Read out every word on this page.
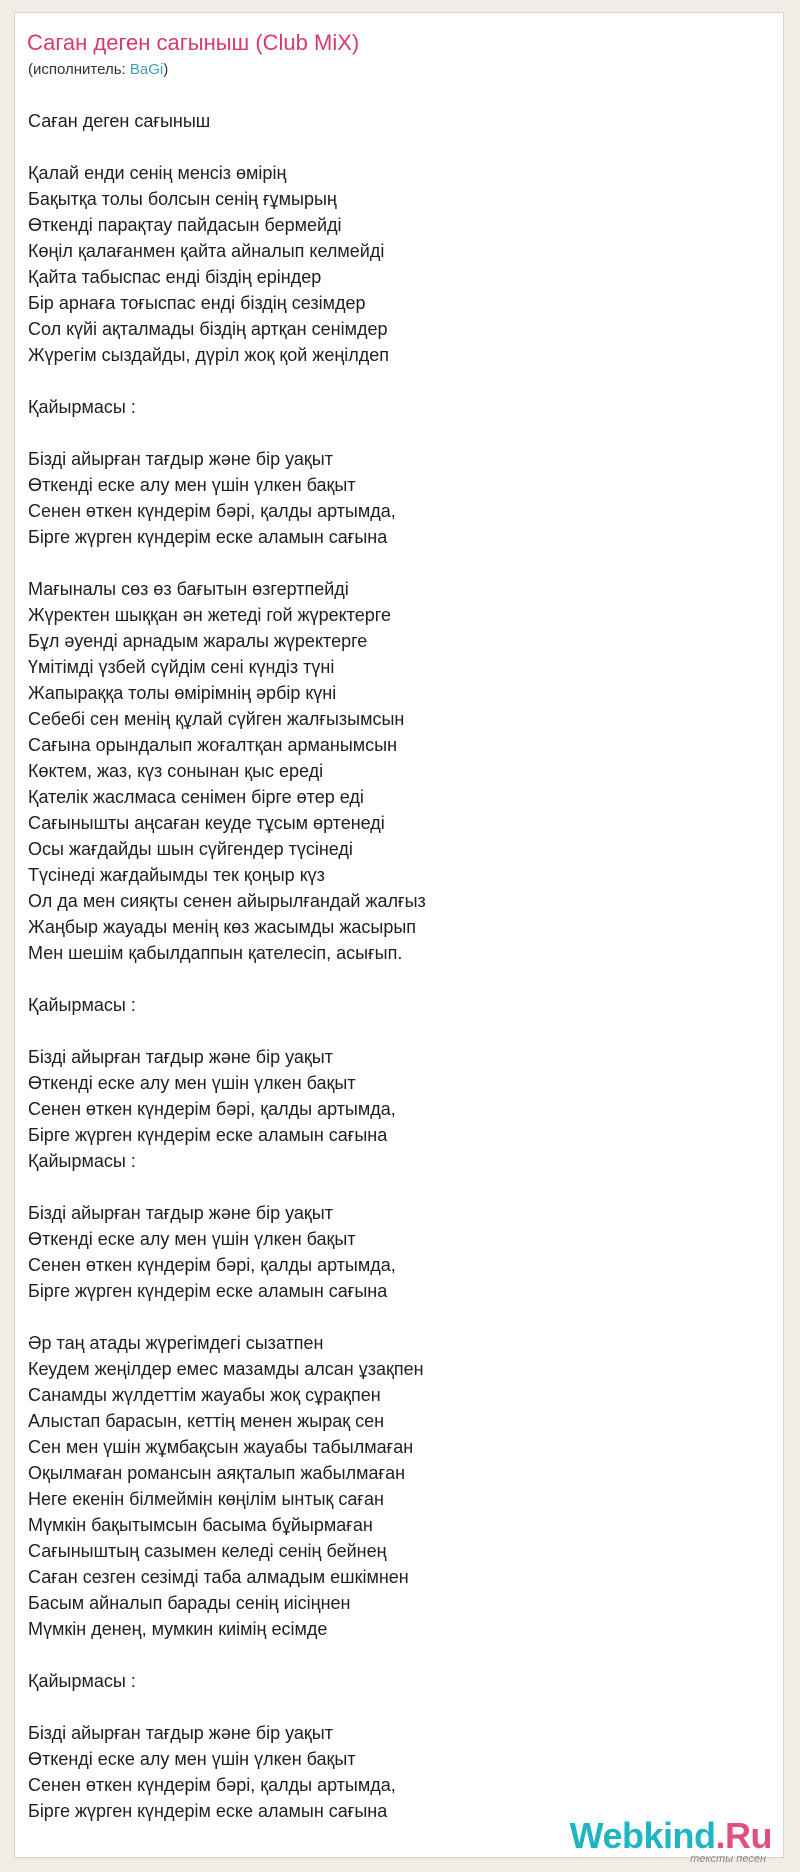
Саган деген сагыныш (Club MiX)
(исполнитель: BaGi)
Саған деген сағыныш
Қалай енди сенің менсіз өмірің
Бақытқа толы болсын сенің ғұмырың
Өткенді парақтау пайдасын бермейді
Көңіл қалағанмен қайта айналып келмейді
Қайта табыспас енді біздің еріндер
Бір арнаға тоғыспас енді біздің сезімдер
Сол күйі ақталмады біздің артқан сенімдер
Жүрегім сыздайды, дүріл жоқ қой жеңілдеп
Қайырмасы :
Бізді айырған тағдыр және бір уақыт
Өткенді еске алу мен үшін үлкен бақыт
Сенен өткен күндерім бәрі, қалды артымда,
Бірге жүрген күндерім еске аламын сағына
Мағыналы сөз өз бағытын өзгертпейді
Жүректен шыққан ән жетеді гой жүректерге
Бұл әуенді арнадым жаралы жүректерге
Үмітімді үзбей сүйдім сені күндіз түні
Жапыраққа толы өмірімнің әрбір күні
Себебі сен менің құлай сүйген жалғызымсын
Сағына орындалып жоғалтқан арманымсын
Көктем, жаз, күз сонынан қыс ереді
Қателік жаслмаса сенімен бірге өтер еді
Сағынышты аңсаған кеуде тұсым өртенеді
Осы жағдайды шын сүйгендер түсінеді
Түсінеді жағдайымды тек қоңыр күз
Ол да мен сияқты сенен айырылғандай жалғыз
Жаңбыр жауады менің көз жасымды жасырып
Мен шешім қабылдаппын қателесіп, асығып.
Қайырмасы :
Бізді айырған тағдыр және бір уақыт
Өткенді еске алу мен үшін үлкен бақыт
Сенен өткен күндерім бәрі, қалды артымда,
Бірге жүрген күндерім еске аламын сағына
Қайырмасы :
Бізді айырған тағдыр және бір уақыт
Өткенді еске алу мен үшін үлкен бақыт
Сенен өткен күндерім бәрі, қалды артымда,
Бірге жүрген күндерім еске аламын сағына
Әр таң атады жүрегімдегі сызатпен
Кеудем жеңілдер емес мазамды алсан ұзақпен
Санамды жүлдеттім жауабы жоқ сұрақпен
Алыстап барасын, кеттің менен жырақ сен
Сен мен үшін жұмбақсын жауабы табылмаған
Оқылмаған романсын аяқталып жабылмаған
Неге екенін білмеймін көңілім ынтық саған
Мүмкін бақытымсын басыма бұйырмаған
Сағыныштың сазымен келеді сенің бейнең
Саған сезген сезімді таба алмадым ешкімнен
Басым айналып барады сенің иісіңнен
Мүмкін денең, мумкин киімің есімде
Қайырмасы :
Бізді айырған тағдыр және бір уақыт
Өткенді еске алу мен үшін үлкен бақыт
Сенен өткен күндерім бәрі, қалды артымда,
Бірге жүрген күндерім еске аламын сағына
Webkind.Ru
тексты песен
